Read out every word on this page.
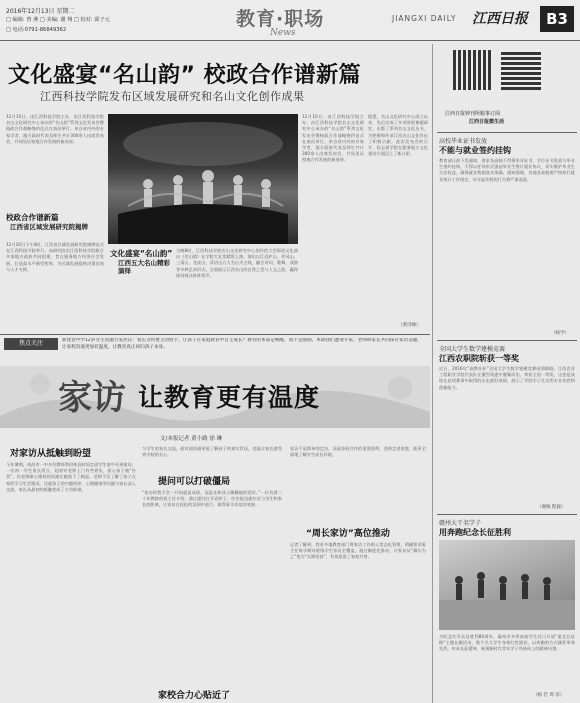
2016年12月13日 星期二
□ 编辑: 曾 燕 □ 美编: 谢 翔 □ 校对: 邱子元
□ 电话:0791-86849362	教育·职场
News
JIANGXI DAILY 江西日报	B3
文化盛宴“名山韵” 校政合作谱新篇
江西科技学院发布区域发展研究和名山文化创作成果
12月10日，由江西科技学院主办，由江西科技学院名山文化研究中心承办的“名山韵”系列文化发布会暨校政合作战略签约仪式在南昌举行。来自省内外的专家学者、地方政府代表及师生共计300余人出席发布会，共同见证校地合作发展的新成果。
校政合作谱新篇
江西省区域发展研究院揭牌
12月10日下午4时，江西省区域发展研究院揭牌仪式在江西科技学院举行。该研究院由江西科技学院联合多家地方政府共同组建，旨在服务地方经济社会发展，打造高水平新型智库，为区域发展提供决策咨询与人才支撑。
文化盛宴“名山韵”
江西五大名山精彩演绎
当晚8时，江西科技学院名山文化研究中心创作的大型原创文化演出《名山韵》在学院大礼堂精彩上演。演出以江西庐山、井冈山、三清山、龙虎山、武功山五大名山为主线，融合诗词、歌舞、戏曲等多种艺术形式，全面展示江西名山的自然之美与人文之韵，赢得现场观众阵阵掌声。
12月10日，由江西科技学院主办，由江西科技学院名山文化研究中心承办的“名山韵”系列文化发布会暨校政合作战略签约仪式在南昌举行。来自省内外的专家学者、地方政府代表及师生共计300余人出席发布会，共同见证校地合作发展的新成果。
据悉，名山文化研究中心成立以来，先后完成了多项省级课题研究，出版了系列名山文化丛书，为挖掘和传承江西名山文化作出了积极贡献。此次发布会的召开，标志着学院在服务地方文化建设方面迈上了新台阶。
（黄诗峰）
江西日报钟刊所服事订阅
江西日报微生活
高校毕业证书发放
不能与就业签约挂钩
教育部日前下发通知，要求各高校不得将毕业证书、学位证书发放与毕业生签约挂钩，不得以任何形式强迫毕业生签订就业协议，切实维护毕业生合法权益，确保就业数据真实准确。通知强调，各地各高校要严格执行就业统计工作规定，对弄虚作假的行为将严肃追责。
（杨学）
全国大学生数学建模竞赛
江西农职院斩获一等奖
近日，2016年“高教社杯”全国大学生数学建模竞赛成绩揭晓，江西农业工程职业学院代表队在激烈角逐中脱颖而出，荣获全国一等奖，这也是该校在此项赛事中取得的历史最好成绩，展示了学院学子扎实的专业功底和创新能力。
（谢梅 程毅）
赣州大干名学子
用奔跑纪念长征胜利
为纪念红军长征胜利80周年，赣州市多所高校学生近日开展“重走长征路”主题长跑活动，数千名大学生身着红色服装，以奔跑的方式缅怀革命先烈，传承长征精神，展现新时代青年学子昂扬向上的精神风貌。
（杨 若 周 菲）
焦点关注	新建县中学12岁女生问题引发热议：家长为何要主动放手，让孩子在家庭教育中自主成长？教育的本质是唤醒，而不是强制。本期我们邀请专家、老师和家长共同探讨家访话题，让家校沟通更加有温度，让教育真正回归孩子本身。
家访 让教育更有温度
文/本报记者 黄小路 徐 琳
对家访从抵触到盼望
今年暑期，南昌市一中多位教师利用休息时间走进学生家中开展家访。一位初一学生家长坦言，起初对老师上门有些紧张，担心孩子被“告状”，但老师耐心细致的沟通让她放下了顾虑。老师不仅了解了孩子在家的学习生活情况，还就孩子的兴趣培养、心理健康等问题与家长深入交流，家长从最初的抵触变成了主动盼望。
与学生的家长交流，面对面沟通更能了解孩子的真实状况，也能让家长感受到学校的关心。
提问可以打破僵局
“家访时我不会一开始就谈成绩，而是先和孩子聊聊他的爱好。”一位有着二十年教龄的班主任介绍，通过提问打开话匣子，往往能迅速拉近与学生和家长的距离，让家访在轻松的氛围中进行，取得事半功倍的效果。
家校合力心贴近了
家访不是简单的走访，而是家校合作的重要纽带，老师走进家庭，能更全面地了解学生成长环境。
“周长家访”高位推动
记者了解到，我省多地教育部门将家访工作纳入常态化管理，明确要求班主任每学期对班级学生家访全覆盖，通过制度化推动，让家访从“偶尔为之”变为“长期坚持”，有效促进了家校共育。
